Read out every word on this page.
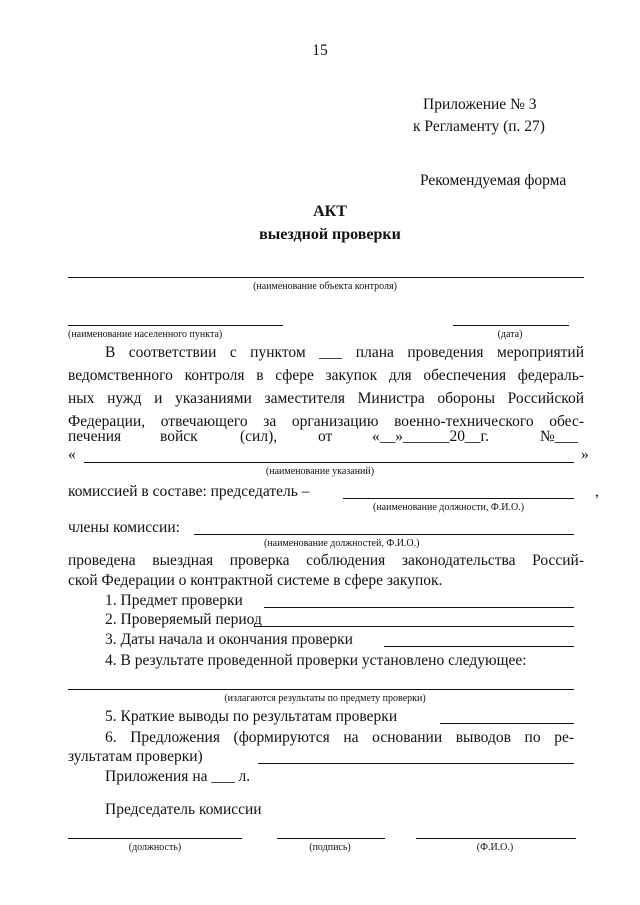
15
Приложение № 3
к Регламенту (п. 27)
Рекомендуемая форма
АКТ
выездной проверки
(наименование объекта контроля)
(наименование населенного пункта)	(дата)
В соответствии с пунктом ___ плана проведения мероприятий
ведомственного контроля в сфере закупок для обеспечения федераль-
ных нужд и указаниями заместителя Министра обороны Российской
Федерации, отвечающего за организацию военно-технического обес-
печения	войск	(сил),	от	«__»______20__г.	№___
«	»
(наименование указаний)
комиссией в составе: председатель –	,
(наименование должности, Ф.И.О.)
члены комиссии:
(наименование должностей, Ф.И.О.)
проведена выездная проверка соблюдения законодательства Россий-
ской Федерации о контрактной системе в сфере закупок.
1. Предмет проверки
2. Проверяемый период
3. Даты начала и окончания проверки
4. В результате проведенной проверки установлено следующее:
(излагаются результаты по предмету проверки)
5. Краткие выводы по результатам проверки
6. Предложения (формируются на основании выводов по ре-
зультатам проверки)
Приложения на ___ л.
Председатель комиссии
(должность)	(подпись)	(Ф.И.О.)
